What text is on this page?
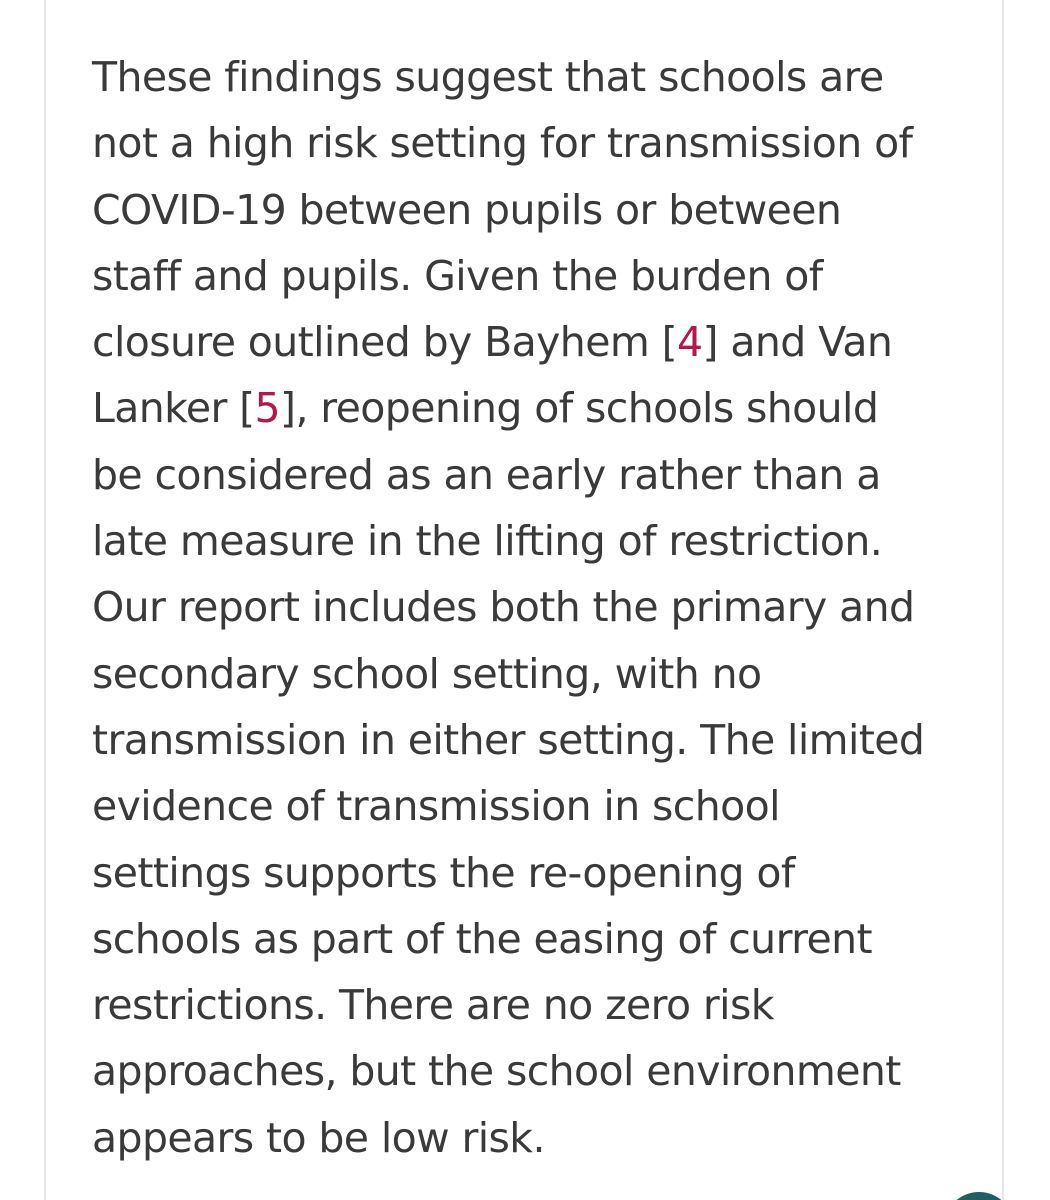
These findings suggest that schools are
not a high risk setting for transmission of
COVID-19 between pupils or between
staff and pupils. Given the burden of
closure outlined by Bayhem [4] and Van
Lanker [5], reopening of schools should
be considered as an early rather than a
late measure in the lifting of restriction.
Our report includes both the primary and
secondary school setting, with no
transmission in either setting. The limited
evidence of transmission in school
settings supports the re-opening of
schools as part of the easing of current
restrictions. There are no zero risk
approaches, but the school environment
appears to be low risk.
